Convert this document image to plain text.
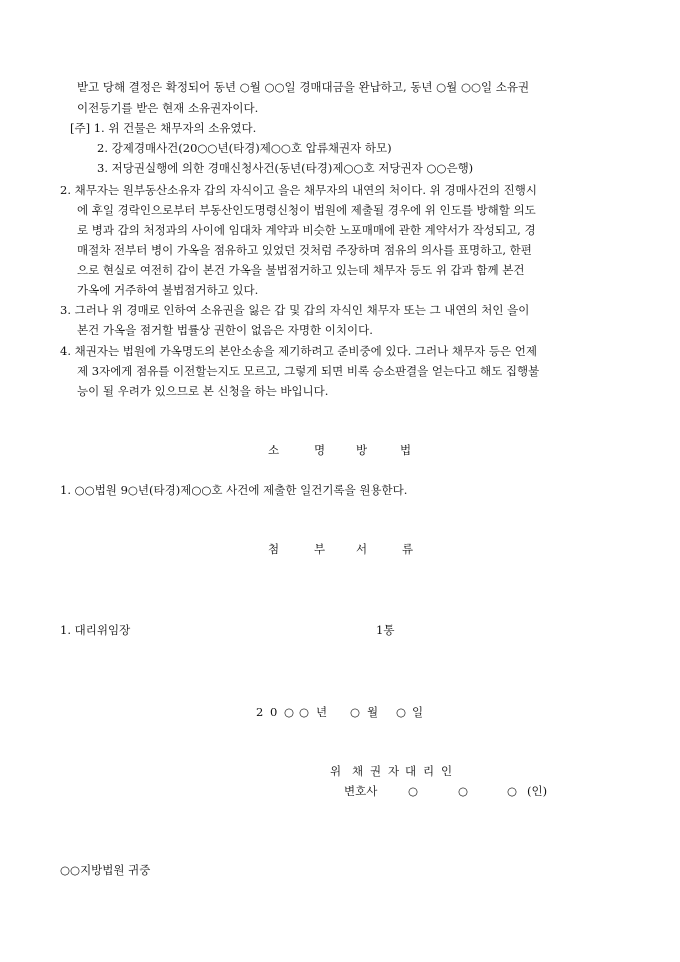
받고 당해 결정은 확정되어 동년 ○월 ○○일 경매대금을 완납하고, 동년 ○월 ○○일 소유권
이전등기를 받은 현재 소유권자이다.
[주] 1. 위 건물은 채무자의 소유였다.
2. 강제경매사건(20○○년(타경)제○○호 압류채권자 하모)
3. 저당권실행에 의한 경매신청사건(동년(타경)제○○호 저당권자 ○○은행)
2. 채무자는 원부동산소유자 갑의 자식이고 을은 채무자의 내연의 처이다. 위 경매사건의 진행시
에 후일 경락인으로부터 부동산인도명령신청이 법원에 제출될 경우에 위 인도를 방해할 의도
로 병과 갑의 처정과의 사이에 임대차 계약과 비슷한 노포매매에 관한 계약서가 작성되고, 경
매절차 전부터 병이 가옥을 점유하고 있었던 것처럼 주장하며 점유의 의사를 표명하고, 한편
으로 현실로 여전히 갑이 본건 가옥을 불법점거하고 있는데 채무자 등도 위 갑과 함께 본건
가옥에 거주하여 불법점거하고 있다.
3. 그러나 위 경매로 인하여 소유권을 잃은 갑 및 갑의 자식인 채무자 또는 그 내연의 처인 을이
본건 가옥을 점거할 법률상 권한이 없음은 자명한 이치이다.
4. 채권자는 법원에 가옥명도의 본안소송을 제기하려고 준비중에 있다. 그러나 채무자 등은 언제
제 3자에게 점유를 이전할는지도 모르고, 그렇게 되면 비록 승소판결을 얻는다고 해도 집행불
능이 될 우려가 있으므로 본 신청을 하는 바입니다.
소	명	방	법
1. ○○법원 9○년(타경)제○○호 사건에 제출한 일건기록을 원용한다.
첨	부	서	류
1. 대리위임장	1통
2 0 ○ ○ 년 ○ 월 ○ 일
위 채 권 자 대 리 인
변호사	○	○	○ (인)
○○지방법원 귀중
